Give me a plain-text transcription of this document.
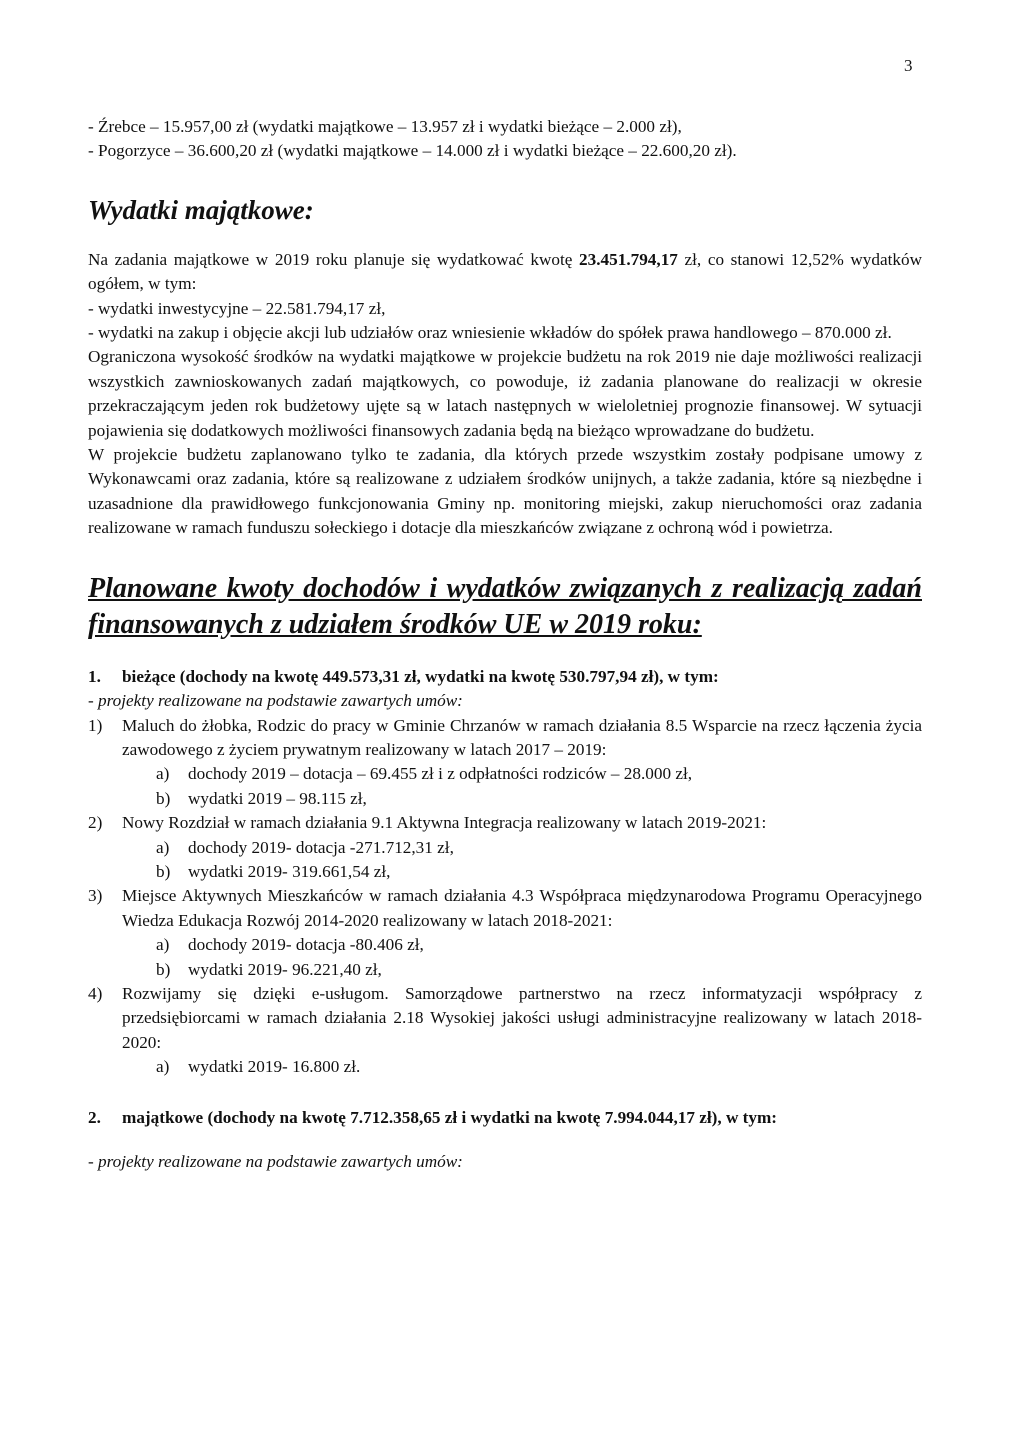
3
- Źrebce – 15.957,00 zł (wydatki majątkowe – 13.957 zł i wydatki bieżące – 2.000 zł),
- Pogorzyce – 36.600,20 zł (wydatki majątkowe – 14.000 zł i wydatki bieżące – 22.600,20 zł).
Wydatki majątkowe:
Na zadania majątkowe w 2019 roku planuje się wydatkować kwotę 23.451.794,17 zł, co stanowi 12,52% wydatków ogółem, w tym:
- wydatki inwestycyjne – 22.581.794,17 zł,
- wydatki na zakup i objęcie akcji lub udziałów oraz wniesienie wkładów do spółek prawa handlowego – 870.000 zł.
Ograniczona wysokość środków na wydatki majątkowe w projekcie budżetu na rok 2019 nie daje możliwości realizacji wszystkich zawnioskowanych zadań majątkowych, co powoduje, iż zadania planowane do realizacji w okresie przekraczającym jeden rok budżetowy ujęte są w latach następnych w wieloletniej prognozie finansowej. W sytuacji pojawienia się dodatkowych możliwości finansowych zadania będą na bieżąco wprowadzane do budżetu.
W projekcie budżetu zaplanowano tylko te zadania, dla których przede wszystkim zostały podpisane umowy z Wykonawcami oraz zadania, które są realizowane z udziałem środków unijnych, a także zadania, które są niezbędne i uzasadnione dla prawidłowego funkcjonowania Gminy np. monitoring miejski, zakup nieruchomości oraz zadania realizowane w ramach funduszu sołeckiego i dotacje dla mieszkańców związane z ochroną wód i powietrza.
Planowane kwoty dochodów i wydatków związanych z realizacją zadań finansowanych z udziałem środków UE w 2019 roku:
1.	bieżące (dochody na kwotę 449.573,31 zł, wydatki na kwotę 530.797,94 zł), w tym:
- projekty realizowane na podstawie zawartych umów:
1)	Maluch do żłobka, Rodzic do pracy w Gminie Chrzanów w ramach działania 8.5 Wsparcie na rzecz łączenia życia zawodowego z życiem prywatnym realizowany w latach 2017 – 2019:
a)	dochody 2019 – dotacja – 69.455 zł i z odpłatności rodziców – 28.000 zł,
b)	wydatki 2019 – 98.115 zł,
2)	Nowy Rozdział w ramach działania 9.1 Aktywna Integracja realizowany w latach 2019-2021:
a)	dochody 2019- dotacja -271.712,31 zł,
b)	wydatki 2019- 319.661,54 zł,
3)	Miejsce Aktywnych Mieszkańców w ramach działania 4.3 Współpraca międzynarodowa Programu Operacyjnego Wiedza Edukacja Rozwój 2014-2020 realizowany w latach 2018-2021:
a)	dochody 2019- dotacja -80.406 zł,
b)	wydatki 2019- 96.221,40 zł,
4)	Rozwijamy się dzięki e-usługom. Samorządowe partnerstwo na rzecz informatyzacji współpracy z przedsiębiorcami w ramach działania 2.18 Wysokiej jakości usługi administracyjne realizowany w latach 2018-2020:
a)	wydatki 2019- 16.800 zł.
2.	majątkowe (dochody na kwotę 7.712.358,65 zł i wydatki na kwotę 7.994.044,17 zł), w tym:
- projekty realizowane na podstawie zawartych umów:
